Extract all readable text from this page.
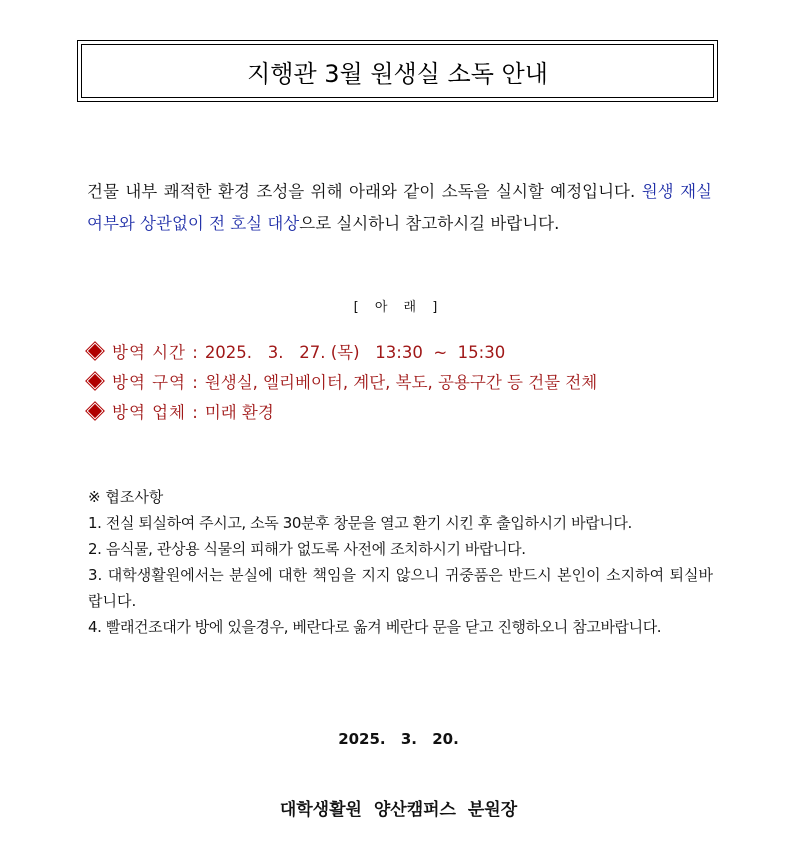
지행관 3월 원생실 소독 안내
건물 내부 쾌적한 환경 조성을 위해 아래와 같이 소독을 실시할 예정입니다. 원생 재실 여부와 상관없이 전 호실 대상으로 실시하니 참고하시길 바랍니다.
[ 아 래 ]
방역 시간 : 2025.   3.   27. (목)   13:30  ~  15:30
방역 구역 : 원생실, 엘리베이터, 계단, 복도, 공용구간 등 건물 전체
방역 업체 : 미래 환경
※ 협조사항
1. 전실 퇴실하여 주시고, 소독 30분후 창문을 열고 환기 시킨 후 출입하시기 바랍니다.
2. 음식물, 관상용 식물의 피해가 없도록 사전에 조치하시기 바랍니다.
3. 대학생활원에서는 분실에 대한 책임을 지지 않으니 귀중품은 반드시 본인이 소지하여 퇴실바랍니다.
4. 빨래건조대가 방에 있을경우, 베란다로 옮겨 베란다 문을 닫고 진행하오니 참고바랍니다.
2025. 3. 20.
대학생활원 양산캠퍼스 분원장
